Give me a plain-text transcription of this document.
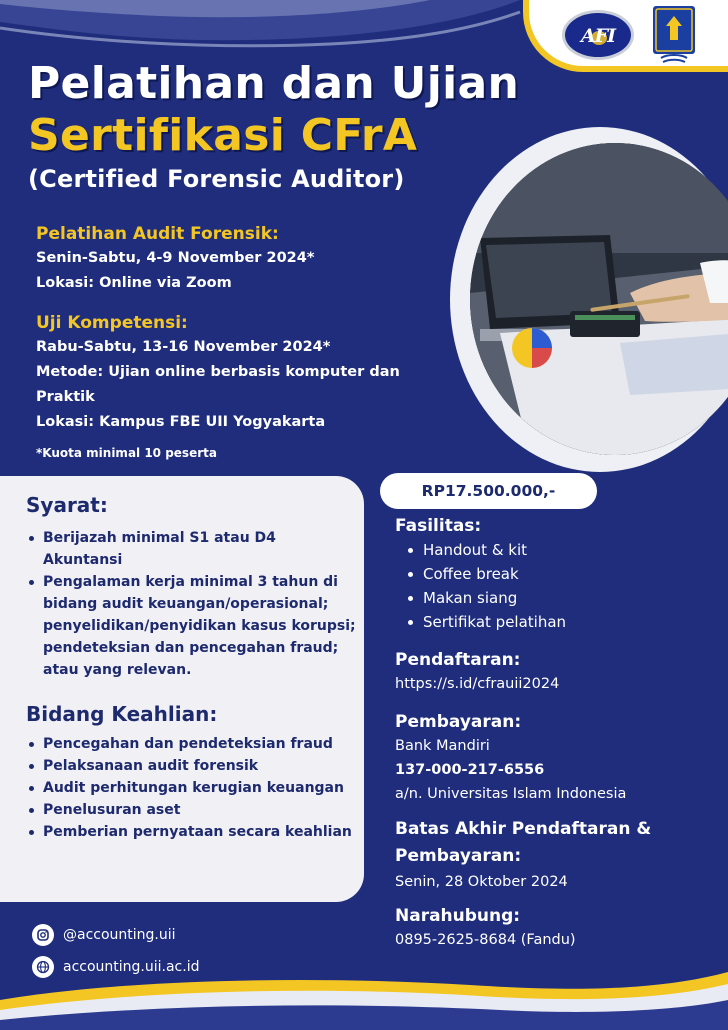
AFI
Pelatihan dan Ujian
Sertifikasi CFrA
(Certified Forensic Auditor)
Pelatihan Audit Forensik:
Senin-Sabtu, 4-9 November 2024*
Lokasi: Online via Zoom
Uji Kompetensi:
Rabu-Sabtu, 13-16 November 2024*
Metode: Ujian online berbasis komputer dan
Praktik
Lokasi: Kampus FBE UII Yogyakarta
*Kuota minimal 10 peserta
Syarat:
Berijazah minimal S1 atau D4 Akuntansi
Pengalaman kerja minimal 3 tahun di bidang audit keuangan/operasional; penyelidikan/penyidikan kasus korupsi; pendeteksian dan pencegahan fraud; atau yang relevan.
Bidang Keahlian:
Pencegahan dan pendeteksian fraud
Pelaksanaan audit forensik
Audit perhitungan kerugian keuangan
Penelusuran aset
Pemberian pernyataan secara keahlian
RP17.500.000,-
Fasilitas:
Handout & kit
Coffee break
Makan siang
Sertifikat pelatihan
Pendaftaran:
https://s.id/cfrauii2024
Pembayaran:
Bank Mandiri
137-000-217-6556
a/n. Universitas Islam Indonesia
Batas Akhir Pendaftaran &
Pembayaran:
Senin, 28 Oktober 2024
Narahubung:
0895-2625-8684 (Fandu)
@accounting.uii
accounting.uii.ac.id
